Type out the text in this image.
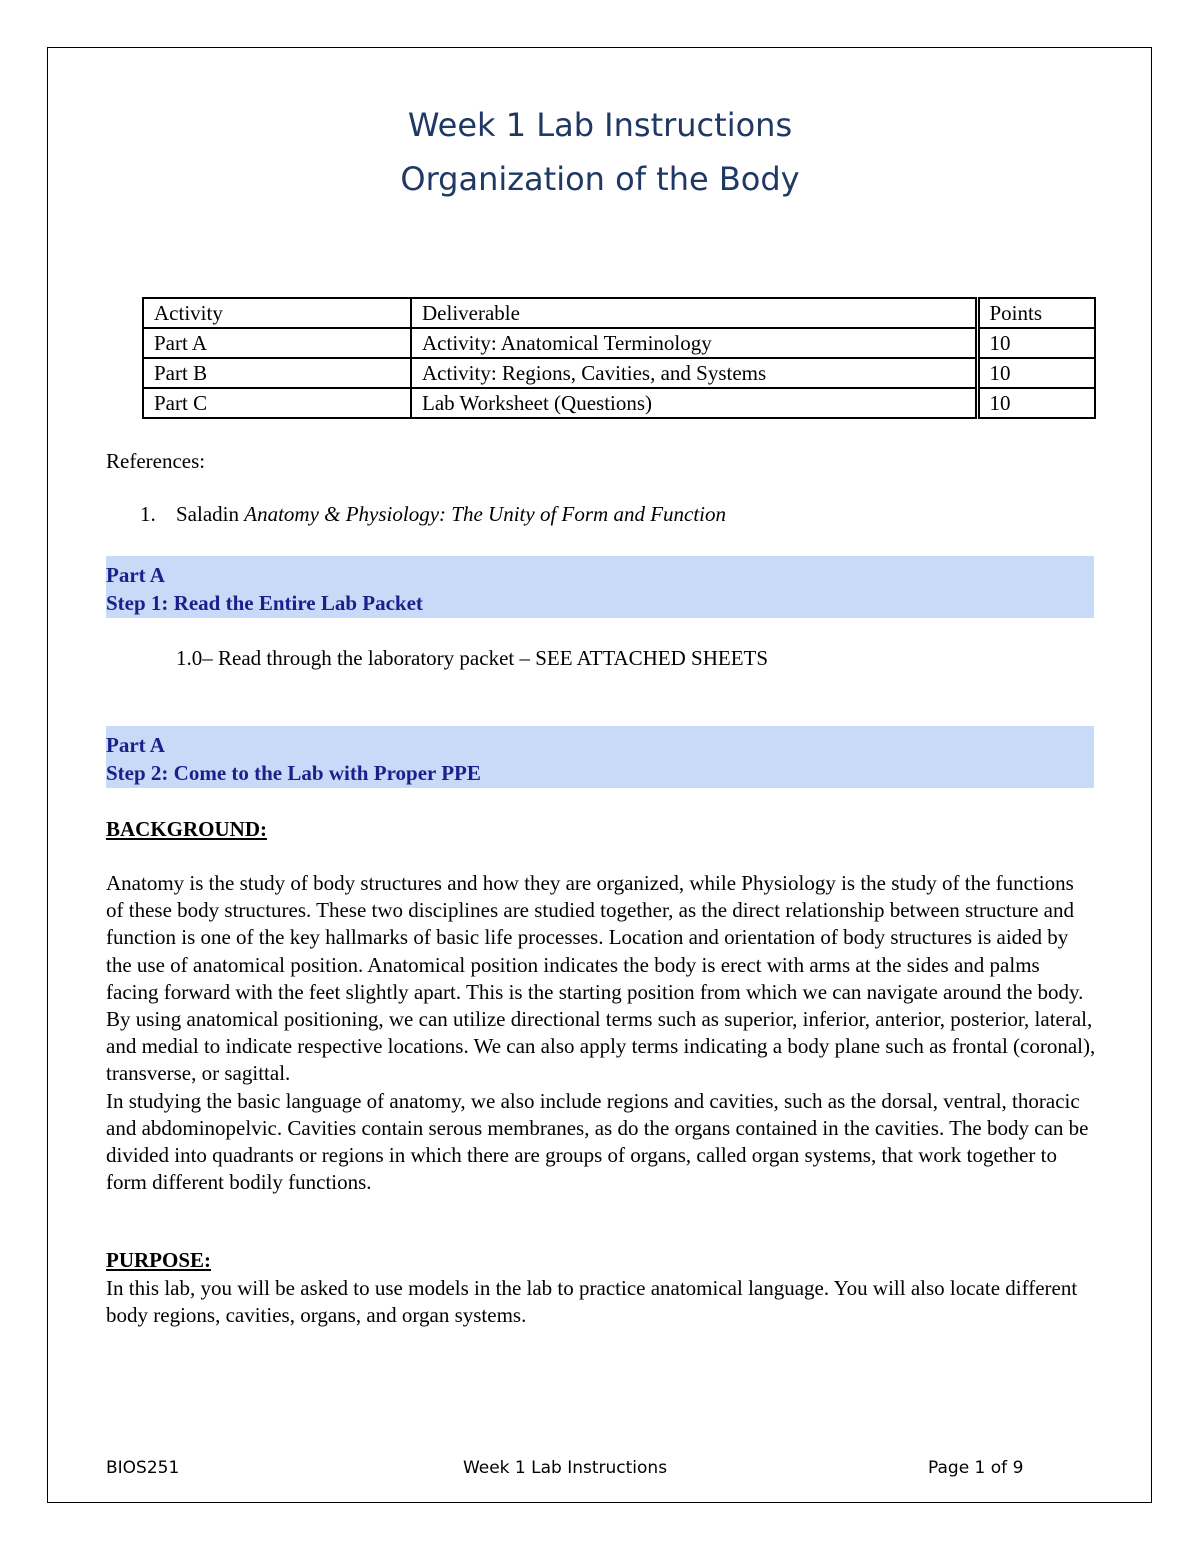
Week 1 Lab Instructions
Organization of the Body
Activity	Deliverable	Points
Part A	Activity: Anatomical Terminology	10
Part B	Activity: Regions, Cavities, and Systems	10
Part C	Lab Worksheet (Questions)	10

References:

1. Saladin Anatomy & Physiology: The Unity of Form and Function

Part A
Step 1: Read the Entire Lab Packet

1.0– Read through the laboratory packet – SEE ATTACHED SHEETS

Part A
Step 2: Come to the Lab with Proper PPE

BACKGROUND:

Anatomy is the study of body structures and how they are organized, while Physiology is the study of the functions of these body structures. These two disciplines are studied together, as the direct relationship between structure and function is one of the key hallmarks of basic life processes. Location and orientation of body structures is aided by the use of anatomical position. Anatomical position indicates the body is erect with arms at the sides and palms facing forward with the feet slightly apart. This is the starting position from which we can navigate around the body. By using anatomical positioning, we can utilize directional terms such as superior, inferior, anterior, posterior, lateral, and medial to indicate respective locations. We can also apply terms indicating a body plane such as frontal (coronal), transverse, or sagittal.
In studying the basic language of anatomy, we also include regions and cavities, such as the dorsal, ventral, thoracic and abdominopelvic. Cavities contain serous membranes, as do the organs contained in the cavities. The body can be divided into quadrants or regions in which there are groups of organs, called organ systems, that work together to form different bodily functions.

PURPOSE:

In this lab, you will be asked to use models in the lab to practice anatomical language. You will also locate different body regions, cavities, organs, and organ systems.

BIOS251	Week 1 Lab Instructions	Page 1 of 9
